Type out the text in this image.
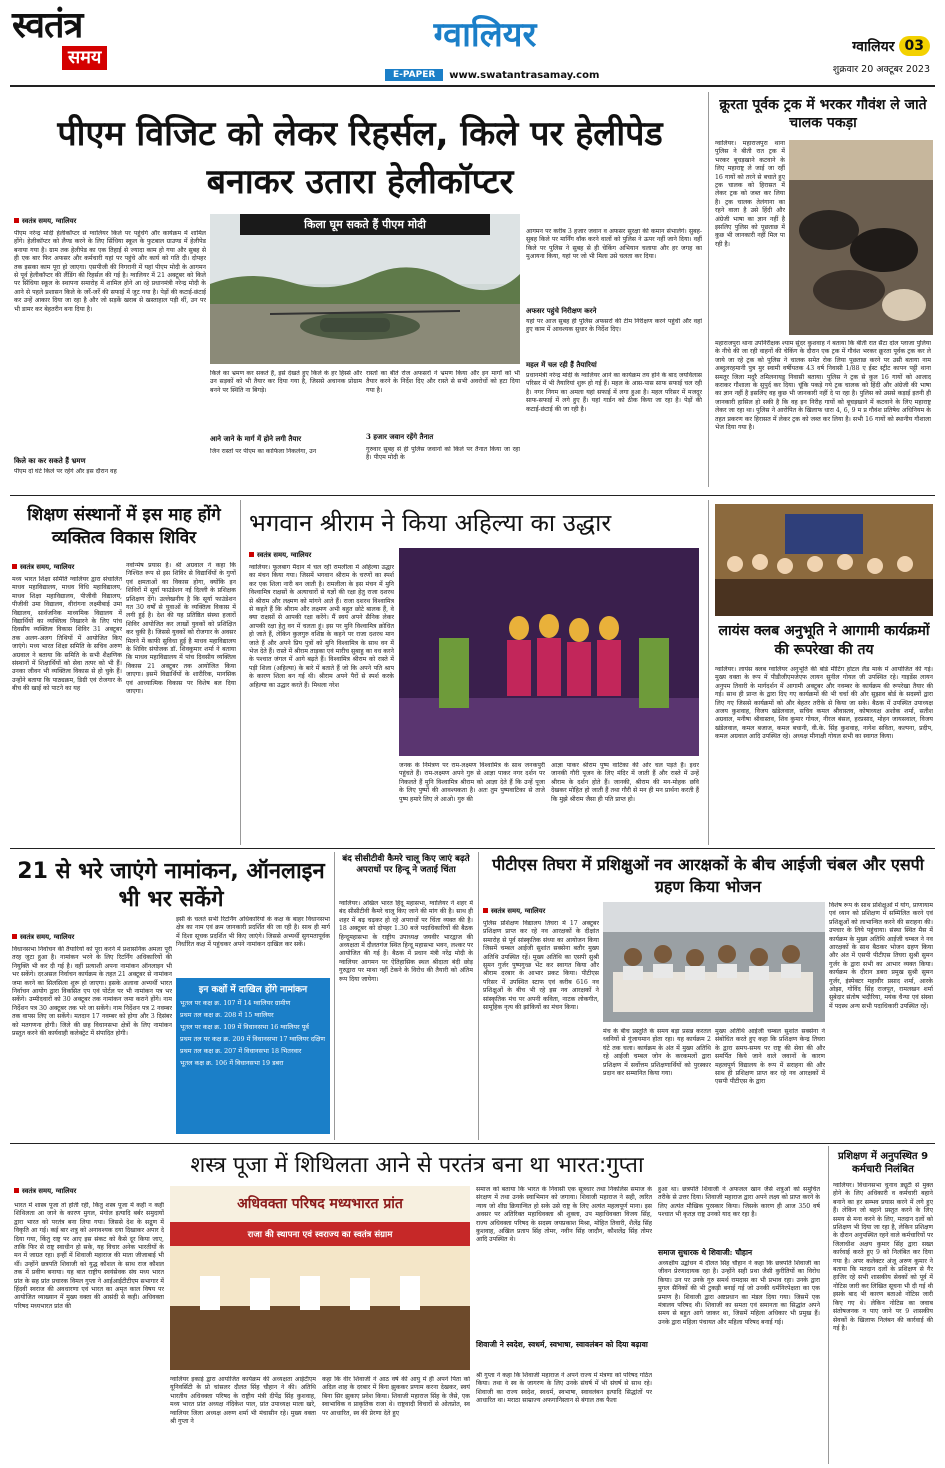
स्वतंत्र
समय
ग्वालियर
E-PAPER	www.swatantrasamay.com
ग्वालियर 03
शुक्रवार 20 अक्टूबर 2023
पीएम विजिट को लेकर रिहर्सल, किले पर हेलीपेड बनाकर उतारा हेलीकॉप्टर
स्वतंत्र समय, ग्वालियर
पीएम नरेन्द्र मोदी हेलीकॉप्टर से ग्वालियर किले पर पहुंचेंगे और कार्यक्रम में शामिल होंगे। हेलीकॉप्टर को लैण्ड करने के लिए सिंधिया स्कूल के फुटबाल ग्राउण्ड में हेलीपेड बनाया गया है। ग्राम तक हेलीपेड का एक तिहाई से ज्यादा काम हो गया और सुबह से ही एक बार फिर अफसर और कर्मचारी यहां पर पहुंचे और कार्य को गति दी। दोपहर तक इसका काम पूरा हो जाएगा। एसपीजी की निगरानी में यहां पीएम मोदी के आगमन से पूर्व हेलीकॉप्टर की लैंडिंग की रिहर्सल की गई है। ग्वालियर में 21 अक्टूबर को किले पर सिंधिया स्कूल के स्थापना समारोह में शामिल होने आ रहे प्रधानमंत्री नरेन्द्र मोदी के आने से पहले प्रशासन किले के जर्रे-जर्रे की सफाई में जुट गया है। पेड़ों की कटाई-छंटाई कर उन्हें आकार दिया जा रहा है और जो सड़कें खराब से खस्ताहाल पड़ी थीं, उन पर भी डामर कर बेहतरीन बना दिया है।
किले का कर सकते हैं भ्रमण
पीएम दो घंटे किले पर रहेंगे और इस दौरान वह
किला घूम सकते हैं पीएम मोदी
किले का भ्रमण कर सकते है, इसे देखते हुए किले के हर हिस्से और उन सड़कों को भी तैयार कर दिया गया है, जिससे अचानक प्रोग्राम बनने पर स्थिति ना बिगड़े।
आने जाने के मार्ग में होने लगी तैयार
जिन रास्तों पर पीएम का काफिला निकलेगा, उन
रास्तों का बीते रोज अफसरों ने भ्रमण किया और इन मार्गों को भी तैयार करने के निर्देश दिए और रास्ते से सभी अवरोधों को हटा दिया गया है।
3 हजार जवान रहेंगे तैनात
गुरुवार सुबह से ही पुलिस जवानों को किले पर तैनात किया जा रहा है। पीएम मोदी के
आगमन पर करीब 3 हजार जवान व अफसर सुरक्षा की कमान संभालेंगे। सुबह-सुबह किले पर मार्निंग वॉक करने वालों को पुलिस ने ऊपर नहीं जाने दिया। वहीं किले पर पुलिस ने सुबह से ही चेकिंग अभियान चलाया और हर जगह का मुआयना किया, यहां पर जो भी मिला उसे चलता कर दिया।
अफसर पहुंचे निरीक्षण करने
यहां पर आज सुबह ही पुलिस अफसरों की टीम निरीक्षण करने पहुंची और वहां हुए काम में आवश्यक सुधार के निर्देश दिए।
महल में चल रही हैं तैयारियां
प्रधानमंत्री नरेन्द्र मोदी के ग्वालियर आने का कार्यक्रम तय होने के बाद जयविलास परिसर में भी तैयारियां शुरू हो गई हैं। महल के आस-पास साफ सफाई चल रही है। नगर निगम का अमला यहां सफाई में लगा हुआ है। महल परिसर में मजदूर साफ-सफाई में लगे हुए हैं। यहां गार्डन को ठीक किया जा रहा है। पेड़ों की कटाई-छंटाई की जा रही है।
क्रूरता पूर्वक ट्रक में भरकर गौवंश ले जाते चालक पकड़ा
ग्वालियर। महाराजपुरा थाना पुलिस ने बीती रात ट्रक में भरकर बूचड़खाने कटवाने के लिए महाराष्ट्र ले जाई जा रहीं 16 गायों को तरने से बचाते हुए ट्रक चालक को हिरासत में लेकर ट्रक को जब्त कर लिया है। ट्रक चालक तेलंगाना का रहने वाला है उसे हिंदी और अंग्रेजी भाषा का ज्ञान नहीं है इसलिए पुलिस को पूछताछ में कुछ भी जानकारी नहीं मिल पा रही है।
महाराजपुरा थाना उपनिरीक्षक श्याम सुंदर कुशवाह ने बताया कि बीती रात सैंटा दोल प्लाजा पुलिया के नीचे की जा रही वाहनों की चेकिंग के दौरान एक ट्रक में गौवंश भरकर क्रूरता पूर्वक ट्रक कर ले जाये जा रहे ट्रक को पुलिस ने चालक समेत रोक लिया पूछताछ करने पर उसी बताया नाम अब्दुलरहमानी पुत्र मुर स्वामी वर्षीयतक 43 वर्ष निवासी 1/88 ए ईस्ट स्ट्रीट कापन पट्टी थाना समतूर जिला मदुरै तमिलनायडु निवासी बताया। पुलिस ने ट्रक से कुल 16 गायों को आजाद कराकर गौशाला के सुपुर्द कर दिया। चूंकि पकड़े गये ट्रक चालक को हिंदी और अंग्रेजी की भाषा का ज्ञान नहीं है इसलिए वह कुछ भी जानकारी नहीं दे पा रहा है। पुलिस को उससे कड़ाई इतनी ही जानकारी हासिल हो सकी है कि वह इन निरीह गायों को बूचड़खाने में कटवाने के लिए महाराष्ट्र लेकर जा रहा था। पुलिस ने आरोपित के खिलाफ धारा 4, 6, 9 म प्र गौवंश प्रतिषेध अधिनियम के तहत प्रकरण कर हिरासत में लेकर ट्रक को जब्त कर लिया है। सभी 16 गायों को स्थानीय गौशाला भेज दिया गया है।
शिक्षण संस्थानों में इस माह होंगे व्यक्तित्व विकास शिविर
स्वतंत्र समय, ग्वालियर
मध्य भारत शिक्षा समिति ग्वालियर द्वारा संचालित माधव महाविद्यालय, माधव विधि महाविद्यालय, माधव शिक्षा महाविद्यालय, पीजीवी विद्यालय, पीजीवी उमा विद्यालय, वीरांगना लक्ष्मीबाई उमा विद्यालय, सार्वजनिक माध्यमिक विद्यालय में विद्यार्थियों का व्यक्तित्व निखारने के लिए पांच दिवसीय व्यक्तित्व विकास शिविर 31 अक्टूबर तक अलग-अलग तिथियों में आयोजित किए जाएंगे। मध्य भारत शिक्षा समिति के सचिव अरुण अग्रवाल ने बताया कि समिति के सभी शैक्षणिक संस्थानों में शिक्षार्थियों को सेवा तत्पर को भी हैं। उनका जीवन भी व्यक्तित्व विकास से हो चुके हैं। उन्होंने बताया कि पाठ्यक्रम, डिग्री एवं रोजगार के बीच की खाई को पाटने का यह
नवोन्मेष प्रयास है। श्री अग्रवाल ने कहा कि निश्चित रूप से इस शिविर से विद्यार्थियों के गुणों एवं क्षमताओं का विकास होगा, क्योंकि इन शिविरों में सूर्या फाउंडेशन नई दिल्ली के प्रशिक्षक प्रशिक्षण देंगे। उल्लेखनीय है कि सूर्या फाउंडेशन गत 30 वर्षों से युवाओं के व्यक्तित्व विकास में लगी हुई है। देश की यह प्रतिष्ठित संस्था हजारों शिविर आयोजित कर लाखों युवकों को प्रशिक्षित कर चुकी है। जिससे युवकों को रोजगार के अवसर मिलने में काफी सुविधा हुई है माधव महाविद्यालय के शिविर संयोजक डॉ. शिवकुमार शर्मा ने बताया कि माधव महाविद्यालय में पांच दिवसीय व्यक्तित्व विकास 21 अक्टूबर तक आयोजित किया जाएगा। इसमें विद्यार्थियों के शारीरिक, मानसिक एवं आध्यात्मिक विकास पर विशेष बल दिया जाएगा।
भगवान श्रीराम ने किया अहिल्या का उद्धार
स्वतंत्र समय, ग्वालियर
ग्वालियर। फूलबाग मैदान में चल रही रामलीला में अहिल्या उद्धार का मंचन किया गया। जिसमें भगवान श्रीराम के चरणों का स्पर्श कर एक शिला नारी बन जाती है। रामलीला के इस मंचन में मुनि विश्वामित्र राक्षसों के अत्याचारों से यज्ञों की रक्षा हेतु राजा दशरथ से श्रीराम और लक्ष्मण को मांगने आते हैं। राजा दशरथ विश्वामित्र से कहते हैं कि श्रीराम और लक्ष्मण अभी बहुत छोटे बालक हैं, वे क्या राक्षसों से आपकी रक्षा करेंगे। मैं स्वयं अपने सैनिक लेकर आपकी रक्षा हेतु वन में चलता हूं। इस पर मुनि विश्वामित्र क्रोधित हो जाते हैं, लेकिन कुलगुरु वशिष्ठ के कहने पर राजा दशरथ मान जाते हैं और अपने प्रिय पुत्रों को मुनि विश्वामित्र के साथ वन में भेज देते हैं। रास्ते में श्रीराम ताड़का एवं मारीच सुबाहु का वध करने के पश्चात जंगल में आगे बढ़ते हैं। विश्वामित्र श्रीराम को रास्ते में पड़ी शिला (अहिल्या) के बारे में बताते हैं जो कि अपने पति श्राप के कारण शिला बन गई थी। श्रीराम अपने पैरों से स्पर्श करके अहिल्या का उद्धार करते हैं। मिथला नरेश
जनक के निमंत्रण पर राम-लक्ष्मण विश्वामित्र के साथ जनकपुरी पहुंचते हैं। राम-लक्ष्मण अपने गुरु से आज्ञा पाकर नगर दर्शन पर निकलते हैं मुनि विश्वामित्र श्रीराम को आज्ञा देते हैं कि उन्हें पूजा के लिए पुष्पों की आवश्यकता है। अतः तुम पुष्पवाटिका से ताजे पुष्प हमारे लिए ले आओ। गुरु की
आज्ञा पाकर श्रीराम पुष्प वाटिका की ओर चल पड़ते हैं। इधर जानकी गौरी पूजन के लिए मंदिर में जाती हैं और रास्ते में उन्हें श्रीराम के दर्शन होते हैं। जानकी, श्रीराम की मन-मोहक छवि देखकर मोहित हो जाती हैं तथा गौरी से मन ही मन प्रार्थना करती हैं कि मुझे श्रीराम जैसा ही पति प्राप्त हो।
लायंस क्लब अनुभूति ने आगामी कार्यक्रमों की रूपरेखा की तय
ग्वालियर। लायंस क्लब ग्वालियर अनुभूति की बोर्ड मीटिंग होटल लैंड मार्क में आयोजित की गई। मुख्य वक्ता के रूप में पीडीजीएमजेएफ लायन सुनील गोयल जी उपस्थित रहे। गाइडेंस लायन अनुपम तिवारी के मार्गदर्शन में आगामी अक्टूबर और नवम्बर के कार्यक्रम की रूपरेखा तैयार की गई। साथ ही प्रान्त के द्वारा दिए गए कार्यक्रमों की भी चर्चा की और सुझाव बोर्ड के सदस्यों द्वारा लिए गए जिससे कार्यक्रमों को और बेहतर तरीके से किया जा सके। बैठक में उपस्थित उपाध्यक्ष अजय कुशवाह, विजय खंडेलवाल, सचिव कमल श्रीवास्तव, कोषाध्यक्ष अशोक शर्मा, सतीश अग्रवाल, मनीषा श्रीवास्तव, शिव कुमार गोयल, नीरज बंसल, हरप्रसाद, मोहन जायसवाल, विजय खंडेलवाल, कमल बजाज, कमल बचानी, वी.के. सिंह कुशवाह, नागेश सविता, कल्पना, प्रदीप, कमल अग्रवाल आदि उपस्थित रहे। अध्यक्ष मीनाक्षी गोयल सभी का स्वागत किया।
21 से भरे जाएंगे नामांकन, ऑनलाइन भी भर सकेंगे
स्वतंत्र समय, ग्वालियर
विधानसभा निर्वाचन की तैयारियों को पूरा करने में प्रशासनिक अमला पूरी तरह जुटा हुआ है। नामांकन भरने के लिए रिटर्निंग अधिकारियों की नियुक्ति भी कर दी गई है। वहीं प्रत्याशी अपना नामांकन ऑनलाइन भी भर सकेंगे। दरअसल निर्वाचन कार्यक्रम के तहत 21 अक्टूबर से नामांकन जमा करने का सिलसिला शुरू हो जाएगा। इसके अलावा अभ्यर्थी भारत निर्वाचन आयोग द्वारा विकसित एप एवं पोर्टल पर भी नामांकन पत्र भर सकेंगे। उम्मीदवारों को 30 अक्टूबर तक नामांकन जमा कराने होंगे। नाम निर्देशन पत्र 30 अक्टूबर तक भरे जा सकेंगे। नाम निर्देशन पत्र 2 नवम्बर तक वापस लिए जा सकेंगे। मतदान 17 नवम्बर को होगा और 3 दिसंबर को मतगणना होगी। जिले की छह विधानसभा क्षेत्रों के लिए नामांकन प्रस्तुत करने की कार्यवाही कलेक्ट्रेट में संपादित होगी।
इसी के चलते सभी रिटर्निंग अधिकारियों के कक्ष के बाहर विधानसभा क्षेत्र का नाम एवं क्रम जानकारी प्रदर्शित की जा रही है। साथ ही मार्ग में दिशा सूचक प्रदर्शित भी किए जाएंगे। जिससे अभ्यर्थी सुगमतापूर्वक निर्धारित कक्ष में पहुंचकर अपने नामांकन दाखिल कर सकें।
इन कक्षों में दाखिल होंगे नामांकन
भूतल पर कक्ष क्र. 107 में 14 ग्वालियर ग्रामीण
प्रथम तल कक्ष क्र. 208 में 15 ग्वालियर
भूतल पर कक्ष क्र. 109 में विधानसभा 16 ग्वालियर पूर्व
प्रथम तल पर कक्ष क्र. 209 में विधानसभा 17 ग्वालियर दक्षिण
प्रथम तल कक्ष क्र. 207 में विधानसभा 18 भितरवार
भूतल कक्ष क्र. 106 में विधानसभा 19 डबरा
बंद सीसीटीवी कैमरे चालू किए जाएं बढ़ते अपराधों पर हिन्दू ने जताई चिंता
ग्वालियर। अखिल भारत हिंदू महासभा, ग्वालियर ने शहर में बंद सीसीटीवी कैमरे चालू किए जाने की मांग की है। साथ ही शहर में बढ़ चढ़कर हो रहे अपराधों पर चिंता व्यक्त की है। 18 अक्टूबर को दोपहर 1.30 बजे पदाधिकारियों की बैठक हिन्दूमहासभा के राष्ट्रीय उपाध्यक्ष जयवीर भारद्वाज की अध्यक्षता में दौलतगंज स्थित हिन्दू महासभा भवन, लश्कर पर आयोजित की गई है। बैठक में प्रधान मंत्री नरेंद्र मोदी के ग्वालियर आगमन पर ऐतिहासिक स्थल श्रीदाता बंदी छोड़ गुरुद्वारा पर माथा नहीं टेकने के विरोध की तैयारी को अंतिम रूप दिया जायेगा।
पीटीएस तिघरा में प्रशिक्षुओं नव आरक्षकों के बीच आईजी चंबल और एसपी ग्रहण किया भोजन
स्वतंत्र समय, ग्वालियर
पुलिस प्रशिक्षण विद्यालय तिघरा में 17 अक्टूबर प्रशिक्षण प्राप्त कर रहे नव आरक्षकों के दीक्षांत समारोह से पूर्व सांस्कृतिक संध्या का आयोजन किया जिसमें चम्बल आईजी सुशांत सक्सेना बतौर मुख्य अतिथि उपस्थित रहें। मुख्य अतिथि का एसपी सुश्री सुमन गुर्जर पुष्पगुच्छ भेंट कर स्वागत किया और श्रीराम दरबार के आभार प्रकट किया। पीटीएस परिसर में उपस्थित स्टाफ एवं करीब 616 नव प्रशिक्षुओं के बीच भी रहे इस नव आरक्षकों ने सांस्कृतिक मंच पर अपनी कविता, नाटक लोकगीत, सामूहिक नृत्य की झांकियों का मंचन किया।
मंच के बीच प्रस्तुति के समय बड़ा प्रसन्न करतल ध्वनियों से गुंजायमान होता रहा। यह कार्यक्रम 2 घंटे तक चला। कार्यक्रम के अंत में मुख्य अतिथि रहे आईजी चम्बल जोन के करकमलों द्वारा प्रशिक्षण में सर्वोत्तम प्रशिक्षणार्थियों को पुरस्कार प्रदान कर सम्मानित किया गया।
मुख्य अतिथि आईजी चम्बल सुशांत सक्सेना ने संबोधित करते हुए कहा कि प्रशिक्षण केन्द्र तिघरा के द्वारा समय-समय पर राष्ट्र की सेवा की और समर्पित किये जाने वाले जवानों के कारण महत्वपूर्ण विद्यालय के रूप में सराहना की और साथ ही प्रशिक्षण प्राप्त कर रहे नव आरक्षकों में एसपी पीटीएस के द्वारा
विशेष रूप के साथ प्रशिक्षुओं में योग, प्राणायाम एवं ध्यान को प्रशिक्षण में सम्मिलित करने एवं प्रशिक्षुओं को लाभान्वित करने की सराहना की। उपचार के लिये पहुंचाया। संस्था स्थित मैस में कार्यक्रम के मुख्य अतिथि आईजी चम्बल ने नव आरक्षकों के साथ बैठकर भोजन ग्रहण किया और अंत में एसपी पीटीएस तिघरा सुश्री सुमन गुर्जर के द्वारा सभी का आभार व्यक्त किया। कार्यक्रम के दौरान डबरा प्रमुख सुश्री सुमन गुर्जर, इंस्पेक्टर महावीर प्रसाद शर्मा, आरके ओझा, गोविंद सिंह राजपूत, रामलखन शर्मा सुबेदार संतोष भदौरिया, मयंक चैन्या एवं संस्था में पदस्थ अन्य सभी पदाधिकारी उपस्थित रहें।
शस्त्र पूजा में शिथिलता आने से परतंत्र बना था भारत:गुप्ता
स्वतंत्र समय, ग्वालियर
भारत में शास्त्र पूजा तो होती रही, किंतु शस्त्र पूजा में कहीं न कहीं शिथिलता आ जाने के कारण मुगल, मंगोल इत्यादि बर्बर समुदायों द्वारा भारत को परतंत्र बना लिया गया। जिससे देश के सद्गुण में विकृति आ गई। कई बार शत्रु को अनावश्यक दया दिखाकर अपार दे दिया गया, किंतु राष्ट्र पर आए इस संकट को कैसे दूर किया जाए, ताकि फिर से राष्ट्र स्वाधीन हो सके, यह विचार अनेक भारतीयों के मन में जाग्रत रहा। इन्हीं में शिवाजी महाराज की माता जीजाबाई भी थीं। उन्होंने छत्रपति शिवाजी को युद्ध कौशल के साथ राज कौशल तक में प्रवीण बनाया। यह बात राष्ट्रीय स्वयंसेवक संघ मध्य भारत प्रांत के सह प्रांत प्रचारक विमल गुप्ता ने आईआईटीटीएम सभागार में हिंदवी स्वराज की अवधारणा एवं भारत का अमृत काल विषय पर आयोजित व्याख्यान में मुख्य वक्ता की आसंदी से कही। अधिवक्ता परिषद मध्यभारत प्रांत की
अधिवक्ता परिषद मध्यभारत प्रांत
राजा की स्थापना एवं स्वराज्य का स्वतंत्र संग्राम
ग्वालियर इकाई द्वारा आयोजित कार्यक्रम की अध्यक्षता आईटीएम यूनिवर्सिटी के प्रो चांसलर दौलत सिंह चौहान ने की। अतिथि भारतीय अधिवक्ता परिषद के राष्ट्रीय मंत्री दीपेंद्र सिंह कुशवाह, मध्य भारत प्रांत अध्यक्ष नंदिकेश पाल, प्रांत उपाध्यक्ष माला खरे, ग्वालियर जिला अध्यक्ष अरुण शर्मा भी मंचासीन रहे। मुख्य वक्ता श्री गुप्ता ने
कहा कि वीर शिवाजी ने आठ वर्ष की आयु में ही अपने पिता को अदिल शाह के दरबार में बिना झुककर प्रणाम करना देखकर, स्वयं बिना सिर झुकाए प्रवेश किया। शिवाजी महाराज सिंह के जैसे, एक स्वाभाविक व प्राकृतिक राजा थे। राष्ट्रवादी विचारों से ओतप्रोत, स्व पर आधारित, स्व की प्रेरणा देते हुए
समाज को बताया कि भारत के निवासी एक सूत्रधार तथा निकलिस समाज के संरक्षण में तथा उनके स्वाभिमान को जगाया। शिवाजी महाराज ने सही, त्वरित न्याय जो शीघ्र क्रियान्वित हो सके उसे राष्ट्र के लिए अत्यंत महत्वपूर्ण माना। इस अवसर पर अतिरिक्त महाधिवक्ता श्री शुक्ला, उप महाधिवक्ता विजय सिंह, राज्य अधिवक्ता परिषद के सदस्य जयप्रकाश मिश्रा, मोहित तिवारी, शैलेंद्र सिंह कुशवाह, अखिल प्रताप सिंह तोमर, नवीन सिंह जादौन, कौशलेंद्र सिंह तोमर आदि उपस्थित थे।
शिवाजी ने स्वदेश, स्वधर्म, स्वभाषा, स्वावलंबन को दिया बढ़ावा
श्री गुप्ता ने कहा कि शिवाजी महाराज ने अपने राज्य में मंत्रणा को परिषद गठित किया। तथा वे स्व के जागरण के लिए उनके संघर्ष में भी संघर्ष से साथ रहे। शिवाजी का राज्य स्वदेश, स्वधर्म, स्वभाषा, स्वावलंबन इत्यादि सिद्धांतों पर आधारित था। मराठा साम्राज्य अफगानिस्तान से बंगाल तक फैला
हुआ था। छत्रपति शिवाजी ने अफजल खान जैसे शत्रुओं को समुचित तरीके से उत्तर दिया। शिवाजी महाराज द्वारा अपने लक्ष्य को प्राप्त करने के लिए अत्यंत मौखिक पुरस्कार किया। जिसके कारण ही आज 350 वर्ष पश्चात भी कृतज्ञ राष्ट्र उनको याद कर रहा है।
समाज सुधारक थे शिवाजी: चौहान
अध्यक्षीय उद्बोधन में दौलत सिंह चौहान ने कहा कि छत्रपति शिवाजी का जीवन प्रेरणादायक रहा है। उन्होंने सही प्रथा जैसी कुरीतियों का विरोध किया। उन पर उनके गुरु समर्थ रामदास का भी प्रभाव रहा। उनके द्वारा मुगल सैनिकों की भी टुकड़ी बनाई गई जो उनकी धर्मनिरपेक्षता का एक प्रमाण है। शिवाजी द्वारा अष्टप्रधान का मंडल दिया गया। जिसमें एक मंत्रालय परिषद थी। शिवाजी का समता एवं समानता का सिद्धांत अपने समय से बहुत आगे जाकर था, जिसमें महिला अधिकार भी प्रमुख हैं। उनके द्वारा महिला पंचायत और महिला परिषद बनाई गई।
प्रशिक्षण में अनुपस्थित 9 कर्मचारी निलंबित
ग्वालियर। विधानसभा चुनाव ड्यूटी से मुक्त होने के लिए अधिकारी व कर्मचारी बहाने बनाने का हर सम्भव प्रयास करने में लगे हुए हैं। लेकिन जो बहाने प्रस्तुत करने के लिए समय से मना करने के लिए, मतदान दलों को प्रशिक्षण भी दिया जा रहा है, लेकिन प्रशिक्षण के दौरान अनुपस्थित रहने वाले कर्मचारियों पर जिलाधीश अक्षय कुमार सिंह द्वारा सख्त कार्रवाई करते हुए 9 को निलंबित कर दिया गया है। अपर कलेक्टर अंजू अरुण कुमार ने बताया कि मतदान दलों के प्रशिक्षण से गैर हाजिर रहे सभी शासकीय सेवकों को पूर्व में नोटिस जारी कर लिखित सूचना भी दी गई थी इसके बाद भी कारण बताओ नोटिस जारी किए गए थे। लेकिन नोटिस का जवाब संतोषजनक न पाए जाने पर 9 शासकीय सेवकों के खिलाफ निलंबन की कार्रवाई की गई है।
